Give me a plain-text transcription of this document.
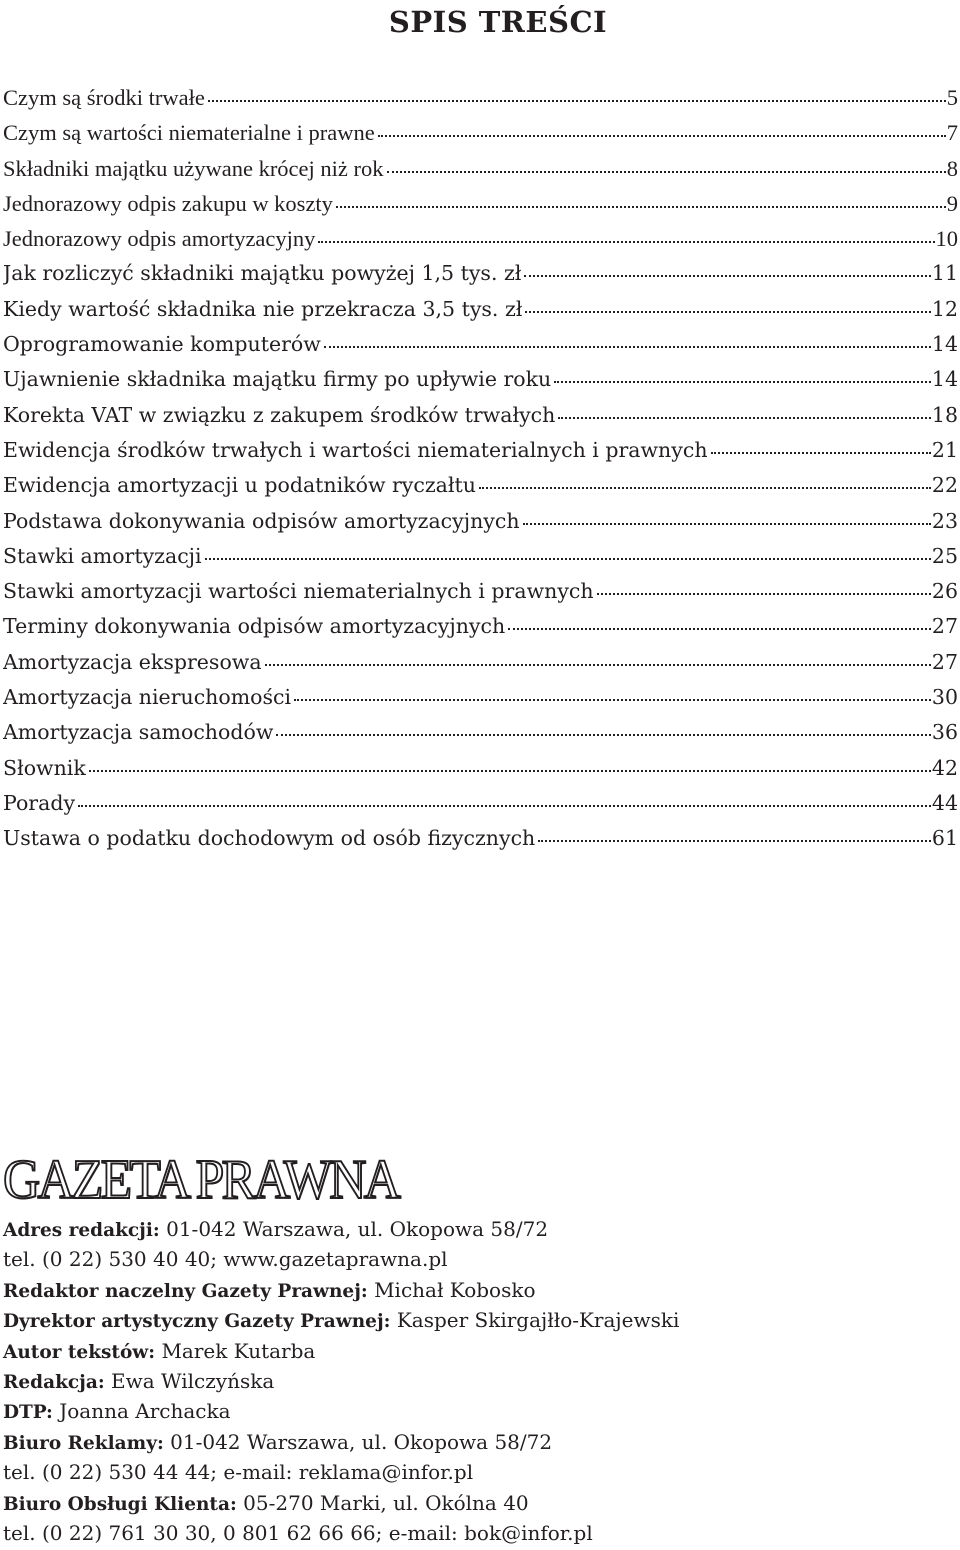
SPIS TREŚCI
Czym są środki trwałe	5
Czym są wartości niematerialne i prawne	7
Składniki majątku używane krócej niż rok	8
Jednorazowy odpis zakupu w koszty	9
Jednorazowy odpis amortyzacyjny	10
Jak rozliczyć składniki majątku powyżej 1,5 tys. zł	11
Kiedy wartość składnika nie przekracza 3,5 tys. zł	12
Oprogramowanie komputerów	14
Ujawnienie składnika majątku firmy po upływie roku	14
Korekta VAT w związku z zakupem środków trwałych	18
Ewidencja środków trwałych i wartości niematerialnych i prawnych	21
Ewidencja amortyzacji u podatników ryczałtu	22
Podstawa dokonywania odpisów amortyzacyjnych	23
Stawki amortyzacji	25
Stawki amortyzacji wartości niematerialnych i prawnych	26
Terminy dokonywania odpisów amortyzacyjnych	27
Amortyzacja ekspresowa	27
Amortyzacja nieruchomości	30
Amortyzacja samochodów	36
Słownik	42
Porady	44
Ustawa o podatku dochodowym od osób fizycznych	61
GAZETA PRAWNA
Adres redakcji: 01-042 Warszawa, ul. Okopowa 58/72
tel. (0 22) 530 40 40; www.gazetaprawna.pl
Redaktor naczelny Gazety Prawnej: Michał Kobosko
Dyrektor artystyczny Gazety Prawnej: Kasper Skirgajłło-Krajewski
Autor tekstów: Marek Kutarba
Redakcja: Ewa Wilczyńska
DTP: Joanna Archacka
Biuro Reklamy: 01-042 Warszawa, ul. Okopowa 58/72
tel. (0 22) 530 44 44; e-mail: reklama@infor.pl
Biuro Obsługi Klienta: 05-270 Marki, ul. Okólna 40
tel. (0 22) 761 30 30, 0 801 62 66 66; e-mail: bok@infor.pl
